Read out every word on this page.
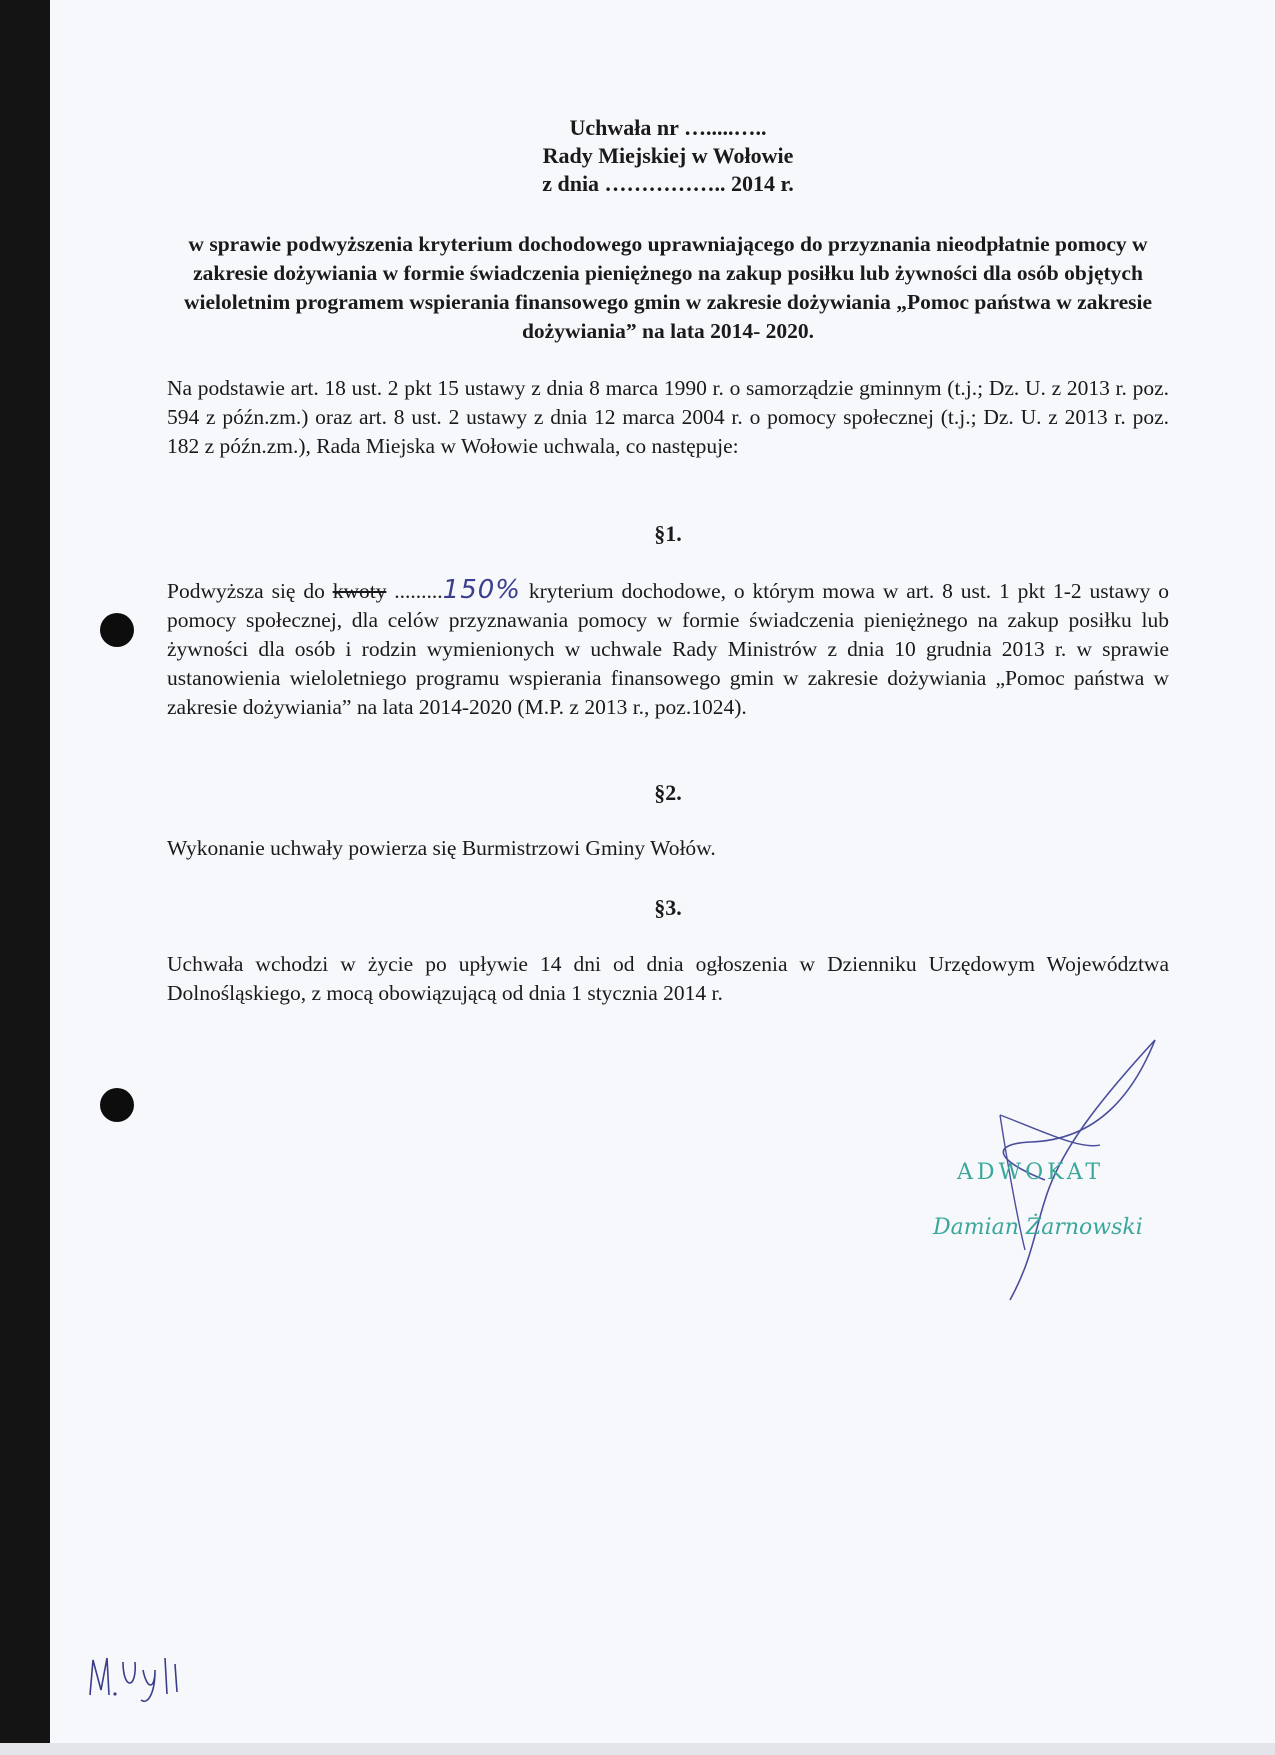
Uchwała nr ….....…..
Rady Miejskiej w Wołowie
z dnia …………….. 2014 r.
w sprawie podwyższenia kryterium dochodowego uprawniającego do przyznania nieodpłatnie pomocy w zakresie dożywiania w formie świadczenia pieniężnego na zakup posiłku lub żywności dla osób objętych wieloletnim programem wspierania finansowego gmin w zakresie dożywiania „Pomoc państwa w zakresie dożywiania” na lata 2014- 2020.
Na podstawie art. 18 ust. 2 pkt 15 ustawy z dnia 8 marca 1990 r. o samorządzie gminnym (t.j.; Dz. U. z 2013 r. poz. 594 z późn.zm.) oraz art. 8 ust. 2 ustawy z dnia 12 marca 2004 r. o pomocy społecznej (t.j.; Dz. U. z 2013 r. poz. 182 z późn.zm.), Rada Miejska w Wołowie uchwala, co następuje:
§1.
Podwyższa się do kwoty .........150% kryterium dochodowe, o którym mowa w art. 8 ust. 1 pkt 1-2 ustawy o pomocy społecznej, dla celów przyznawania pomocy w formie świadczenia pieniężnego na zakup posiłku lub żywności dla osób i rodzin wymienionych w uchwale Rady Ministrów z dnia 10 grudnia 2013 r. w sprawie ustanowienia wieloletniego programu wspierania finansowego gmin w zakresie dożywiania „Pomoc państwa w zakresie dożywiania” na lata 2014-2020 (M.P. z 2013 r., poz.1024).
§2.
Wykonanie uchwały powierza się Burmistrzowi Gminy Wołów.
§3.
Uchwała wchodzi w życie po upływie 14 dni od dnia ogłoszenia w Dzienniku Urzędowym Województwa Dolnośląskiego, z mocą obowiązującą od dnia 1 stycznia 2014 r.
ADWOKAT
Damian Żarnowski
